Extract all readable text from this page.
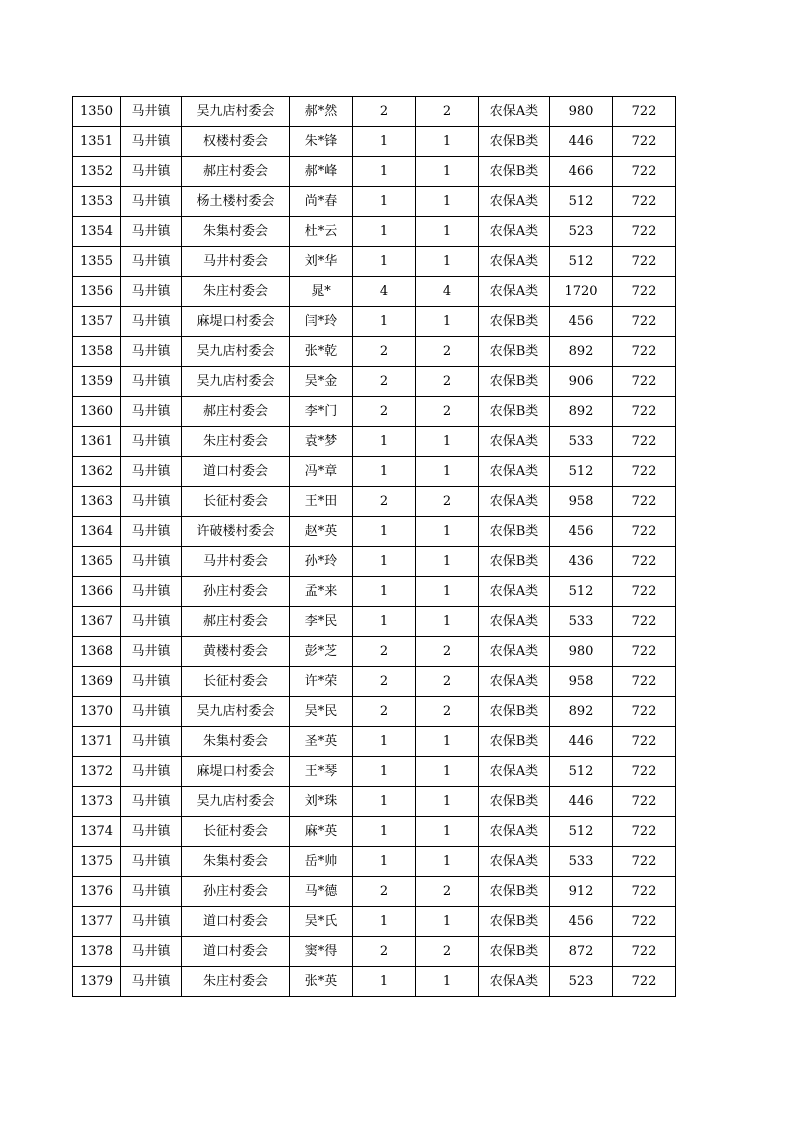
1350	马井镇	吴九店村委会	郝*然	2	2	农保A类	980	722
1351	马井镇	权楼村委会	朱*锋	1	1	农保B类	446	722
1352	马井镇	郝庄村委会	郝*峰	1	1	农保B类	466	722
1353	马井镇	杨土楼村委会	尚*春	1	1	农保A类	512	722
1354	马井镇	朱集村委会	杜*云	1	1	农保A类	523	722
1355	马井镇	马井村委会	刘*华	1	1	农保A类	512	722
1356	马井镇	朱庄村委会	晁*	4	4	农保A类	1720	722
1357	马井镇	麻堤口村委会	闫*玲	1	1	农保B类	456	722
1358	马井镇	吴九店村委会	张*乾	2	2	农保B类	892	722
1359	马井镇	吴九店村委会	吴*金	2	2	农保B类	906	722
1360	马井镇	郝庄村委会	李*门	2	2	农保B类	892	722
1361	马井镇	朱庄村委会	袁*梦	1	1	农保A类	533	722
1362	马井镇	道口村委会	冯*章	1	1	农保A类	512	722
1363	马井镇	长征村委会	王*田	2	2	农保A类	958	722
1364	马井镇	许破楼村委会	赵*英	1	1	农保B类	456	722
1365	马井镇	马井村委会	孙*玲	1	1	农保B类	436	722
1366	马井镇	孙庄村委会	孟*来	1	1	农保A类	512	722
1367	马井镇	郝庄村委会	李*民	1	1	农保A类	533	722
1368	马井镇	黄楼村委会	彭*芝	2	2	农保A类	980	722
1369	马井镇	长征村委会	许*荣	2	2	农保A类	958	722
1370	马井镇	吴九店村委会	吴*民	2	2	农保B类	892	722
1371	马井镇	朱集村委会	圣*英	1	1	农保B类	446	722
1372	马井镇	麻堤口村委会	王*琴	1	1	农保A类	512	722
1373	马井镇	吴九店村委会	刘*珠	1	1	农保B类	446	722
1374	马井镇	长征村委会	麻*英	1	1	农保A类	512	722
1375	马井镇	朱集村委会	岳*帅	1	1	农保A类	533	722
1376	马井镇	孙庄村委会	马*德	2	2	农保B类	912	722
1377	马井镇	道口村委会	吴*氏	1	1	农保B类	456	722
1378	马井镇	道口村委会	窦*得	2	2	农保B类	872	722
1379	马井镇	朱庄村委会	张*英	1	1	农保A类	523	722
